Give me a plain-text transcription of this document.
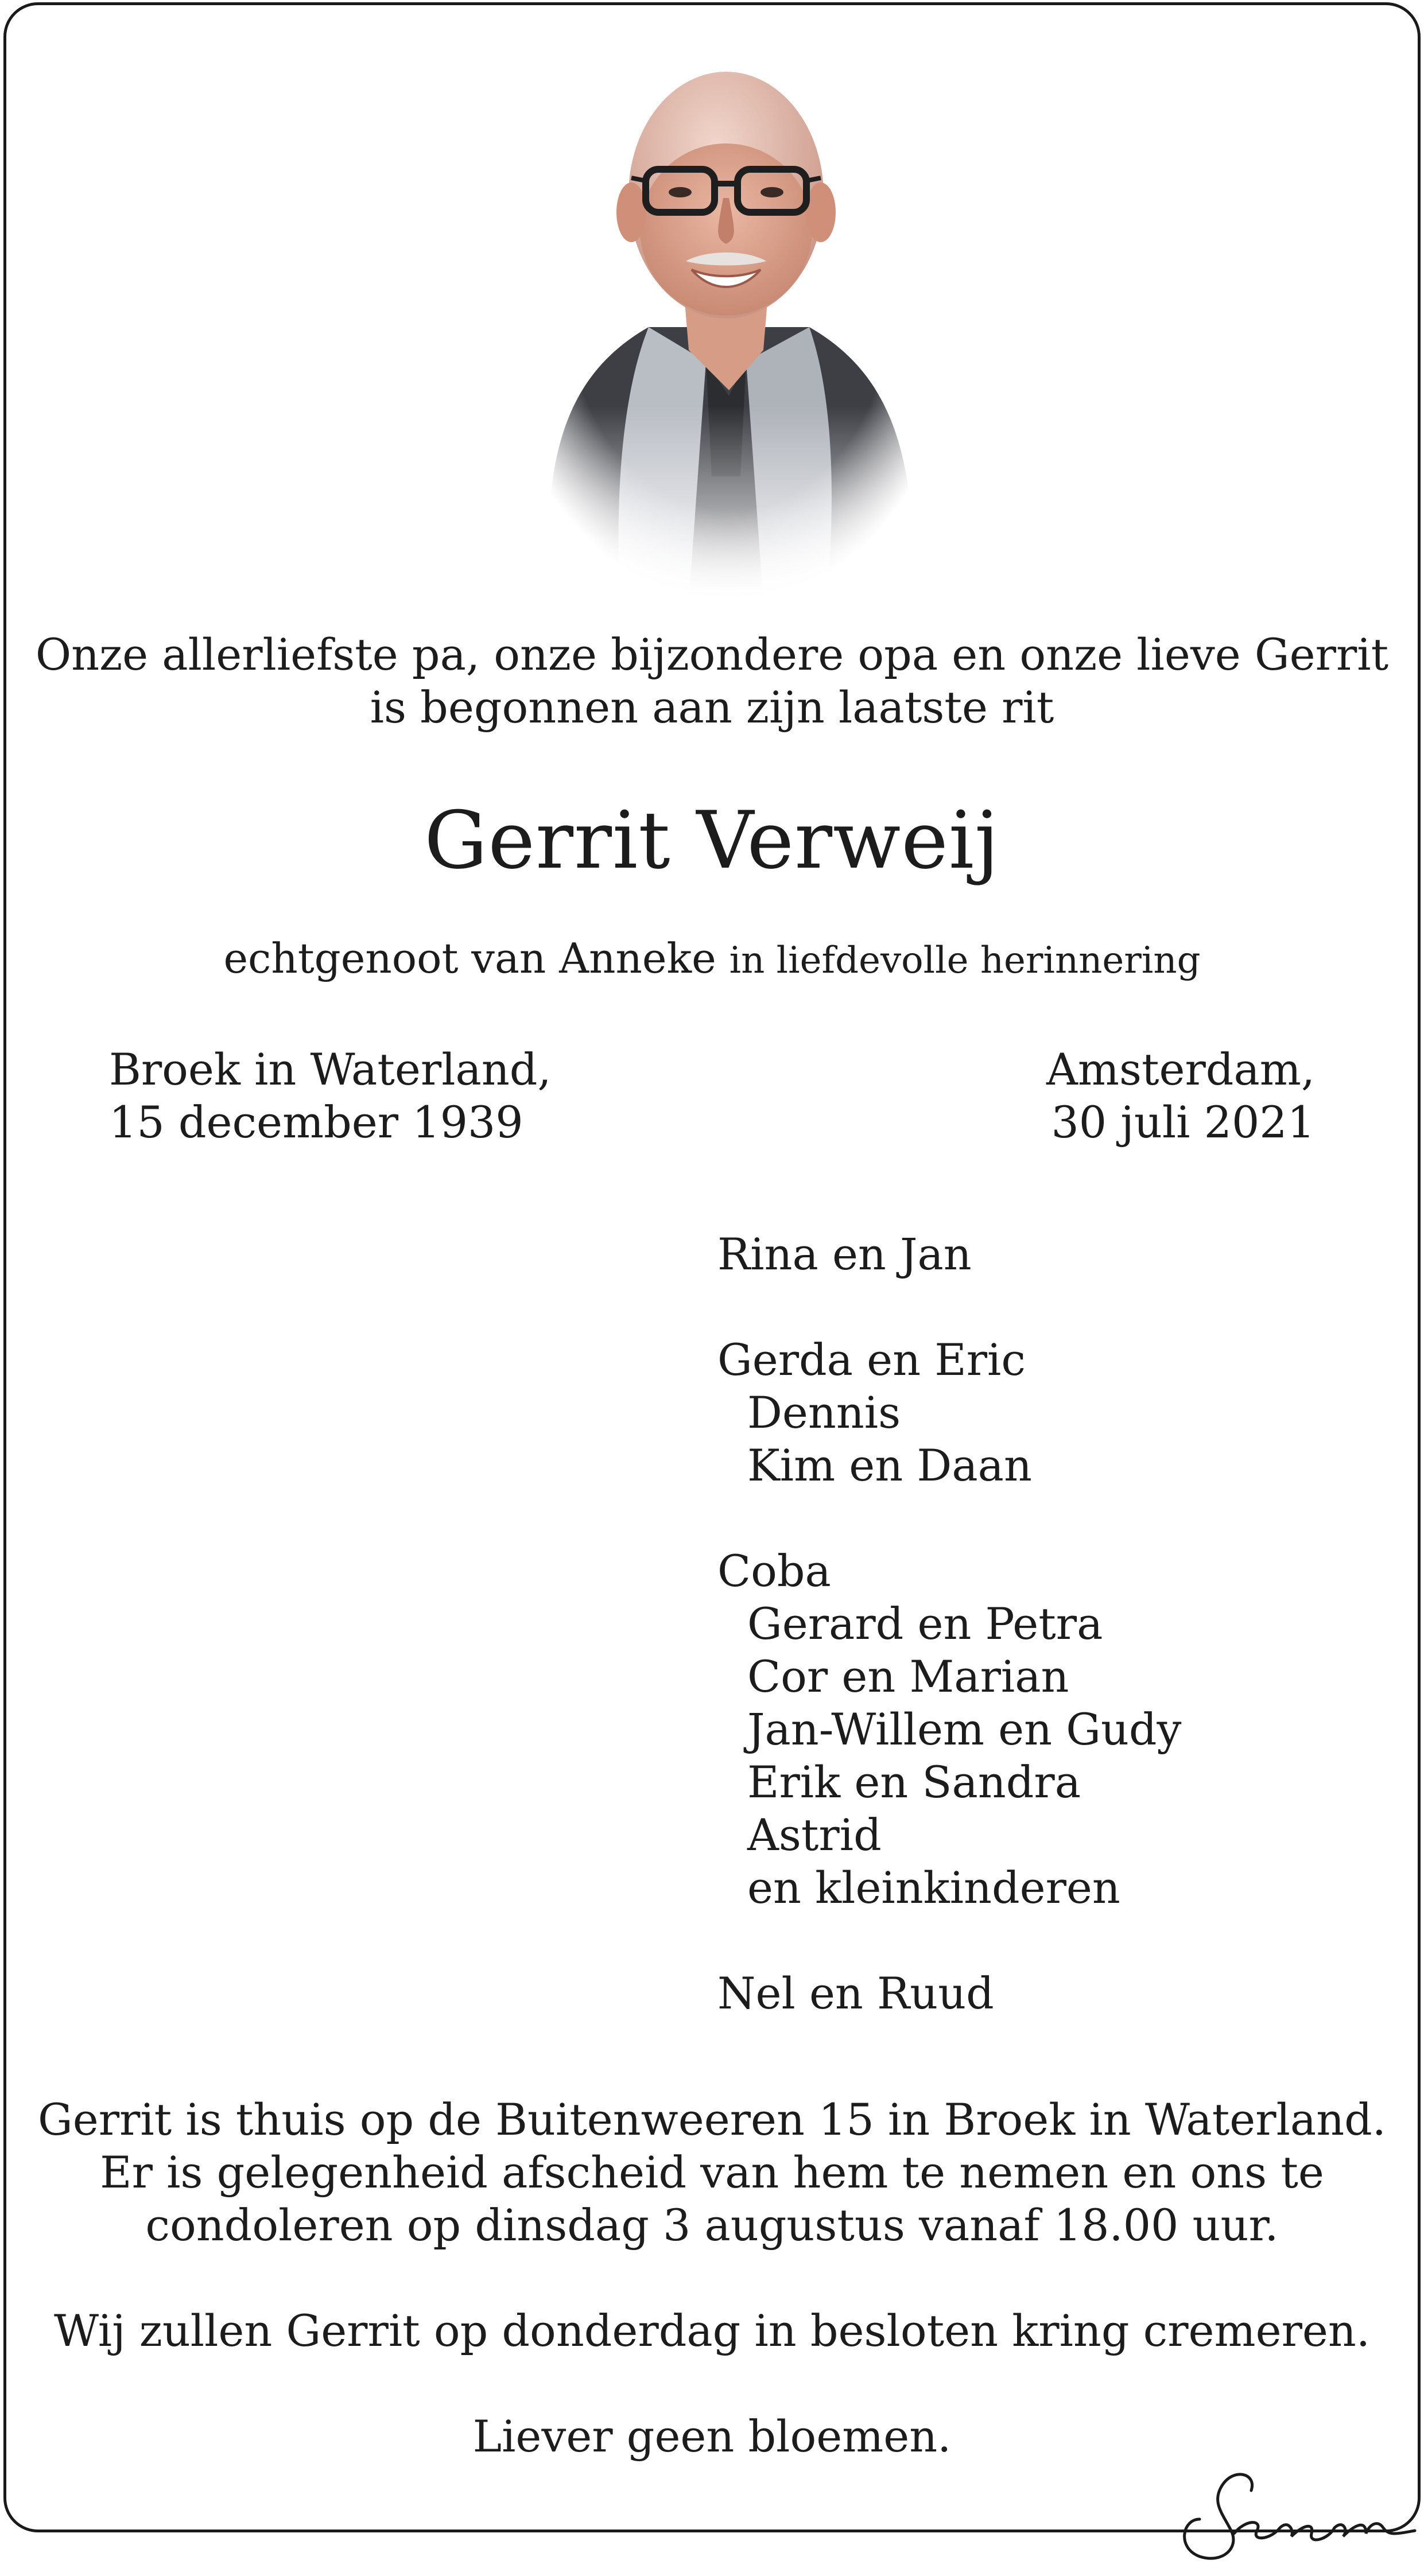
Onze allerliefste pa, onze bijzondere opa en onze lieve Gerrit
is begonnen aan zijn laatste rit
Gerrit Verweij
echtgenoot van Anneke in liefdevolle herinnering
Broek in Waterland,
15 december 1939
Amsterdam,
30 juli 2021
Rina en Jan
Gerda en Eric
Dennis
Kim en Daan
Coba
Gerard en Petra
Cor en Marian
Jan-Willem en Gudy
Erik en Sandra
Astrid
en kleinkinderen
Nel en Ruud
Gerrit is thuis op de Buitenweeren 15 in Broek in Waterland.
Er is gelegenheid afscheid van hem te nemen en ons te
condoleren op dinsdag 3 augustus vanaf 18.00 uur.
Wij zullen Gerrit op donderdag in besloten kring cremeren.
Liever geen bloemen.
